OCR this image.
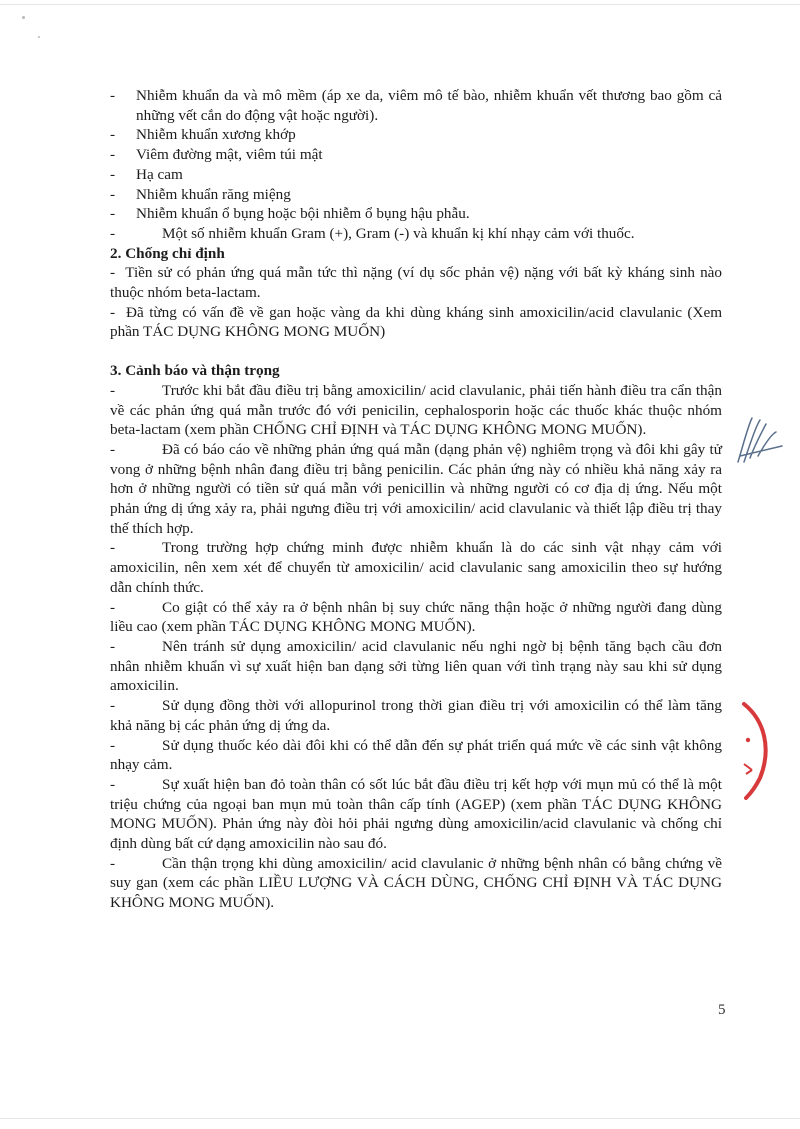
- Nhiễm khuẩn da và mô mềm (áp xe da, viêm mô tế bào, nhiễm khuẩn vết thương bao gồm cả những vết cắn do động vật hoặc người).
- Nhiễm khuẩn xương khớp
- Viêm đường mật, viêm túi mật
- Hạ cam
- Nhiễm khuẩn răng miệng
- Nhiễm khuẩn ổ bụng hoặc bội nhiễm ổ bụng hậu phẫu.
-	Một số nhiễm khuẩn Gram (+), Gram (-) và khuẩn kị khí nhạy cảm với thuốc.
2. Chống chỉ định
- Tiền sử có phản ứng quá mẫn tức thì nặng (ví dụ sốc phản vệ) nặng với bất kỳ kháng sinh nào thuộc nhóm beta-lactam.
- Đã từng có vấn đề về gan hoặc vàng da khi dùng kháng sinh amoxicilin/acid clavulanic (Xem phần TÁC DỤNG KHÔNG MONG MUỐN)
3. Cảnh báo và thận trọng
-	Trước khi bắt đầu điều trị bằng amoxicilin/ acid clavulanic, phải tiến hành điều tra cẩn thận về các phản ứng quá mẫn trước đó với penicilin, cephalosporin hoặc các thuốc khác thuộc nhóm beta-lactam (xem phần CHỐNG CHỈ ĐỊNH và TÁC DỤNG KHÔNG MONG MUỐN).
-	Đã có báo cáo về những phản ứng quá mẫn (dạng phản vệ) nghiêm trọng và đôi khi gây tử vong ở những bệnh nhân đang điều trị bằng penicilin. Các phản ứng này có nhiều khả năng xảy ra hơn ở những người có tiền sử quá mẫn với penicillin và những người có cơ địa dị ứng. Nếu một phản ứng dị ứng xảy ra, phải ngưng điều trị với amoxicilin/ acid clavulanic và thiết lập điều trị thay thế thích hợp.
-	Trong trường hợp chứng minh được nhiễm khuẩn là do các sinh vật nhạy cảm với amoxicilin, nên xem xét để chuyển từ amoxicilin/ acid clavulanic sang amoxicilin theo sự hướng dẫn chính thức.
-	Co giật có thể xảy ra ở bệnh nhân bị suy chức năng thận hoặc ở những người đang dùng liều cao (xem phần TÁC DỤNG KHÔNG MONG MUỐN).
-	Nên tránh sử dụng amoxicilin/ acid clavulanic nếu nghi ngờ bị bệnh tăng bạch cầu đơn nhân nhiễm khuẩn vì sự xuất hiện ban dạng sởi từng liên quan với tình trạng này sau khi sử dụng amoxicilin.
-	Sử dụng đồng thời với allopurinol trong thời gian điều trị với amoxicilin có thể làm tăng khả năng bị các phản ứng dị ứng da.
-	Sử dụng thuốc kéo dài đôi khi có thể dẫn đến sự phát triển quá mức về các sinh vật không nhạy cảm.
-	Sự xuất hiện ban đỏ toàn thân có sốt lúc bắt đầu điều trị kết hợp với mụn mủ có thể là một triệu chứng của ngoại ban mụn mủ toàn thân cấp tính (AGEP) (xem phần TÁC DỤNG KHÔNG MONG MUỐN). Phản ứng này đòi hỏi phải ngưng dùng amoxicilin/acid clavulanic và chống chỉ định dùng bất cứ dạng amoxicilin nào sau đó.
-	Cần thận trọng khi dùng amoxicilin/ acid clavulanic ở những bệnh nhân có bằng chứng về suy gan (xem các phần LIỀU LƯỢNG VÀ CÁCH DÙNG, CHỐNG CHỈ ĐỊNH VÀ TÁC DỤNG KHÔNG MONG MUỐN).
5
